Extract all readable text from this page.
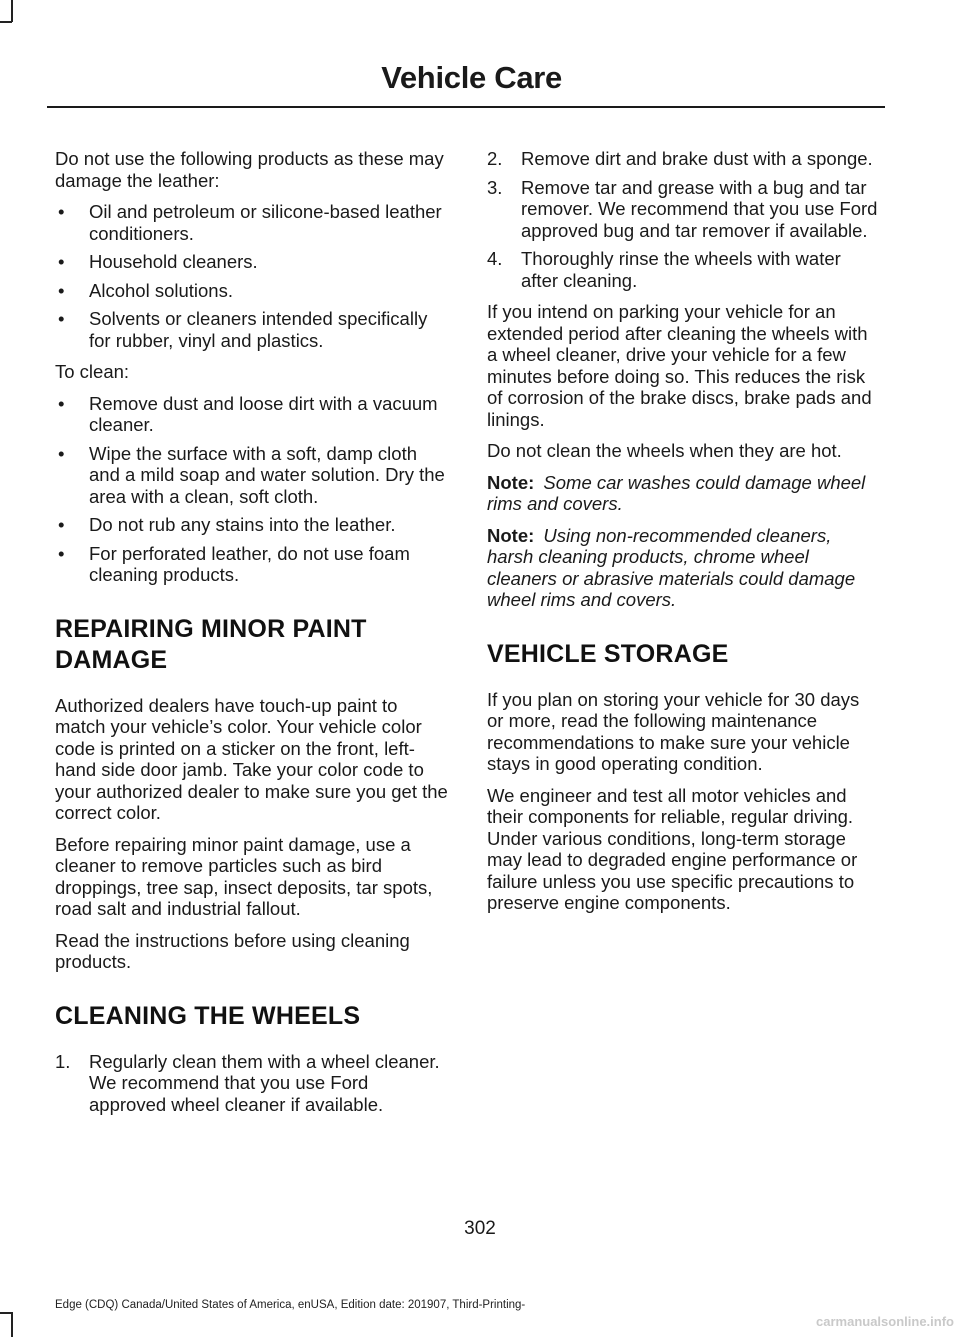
Vehicle Care

Do not use the following products as these may damage the leather:

• Oil and petroleum or silicone-based leather conditioners.
• Household cleaners.
• Alcohol solutions.
• Solvents or cleaners intended specifically for rubber, vinyl and plastics.

To clean:

• Remove dust and loose dirt with a vacuum cleaner.
• Wipe the surface with a soft, damp cloth and a mild soap and water solution. Dry the area with a clean, soft cloth.
• Do not rub any stains into the leather.
• For perforated leather, do not use foam cleaning products.
REPAIRING MINOR PAINT
DAMAGE

Authorized dealers have touch-up paint to match your vehicle’s color. Your vehicle color code is printed on a sticker on the front, left-hand side door jamb. Take your color code to your authorized dealer to make sure you get the correct color.

Before repairing minor paint damage, use a cleaner to remove particles such as bird droppings, tree sap, insect deposits, tar spots, road salt and industrial fallout.

Read the instructions before using cleaning products.

CLEANING THE WHEELS
1. Regularly clean them with a wheel cleaner. We recommend that you use Ford approved wheel cleaner if available.
2. Remove dirt and brake dust with a sponge.
3. Remove tar and grease with a bug and tar remover. We recommend that you use Ford approved bug and tar remover if available.
4. Thoroughly rinse the wheels with water after cleaning.

If you intend on parking your vehicle for an extended period after cleaning the wheels with a wheel cleaner, drive your vehicle for a few minutes before doing so. This reduces the risk of corrosion of the brake discs, brake pads and linings.

Do not clean the wheels when they are hot.

Note: Some car washes could damage wheel rims and covers.

Note: Using non-recommended cleaners, harsh cleaning products, chrome wheel cleaners or abrasive materials could damage wheel rims and covers.

VEHICLE STORAGE

If you plan on storing your vehicle for 30 days or more, read the following maintenance recommendations to make sure your vehicle stays in good operating condition.

We engineer and test all motor vehicles and their components for reliable, regular driving. Under various conditions, long-term storage may lead to degraded engine performance or failure unless you use specific precautions to preserve engine components.

302
Edge (CDQ) Canada/United States of America, enUSA, Edition date: 201907, Third-Printing-
carmanualsonline.info
